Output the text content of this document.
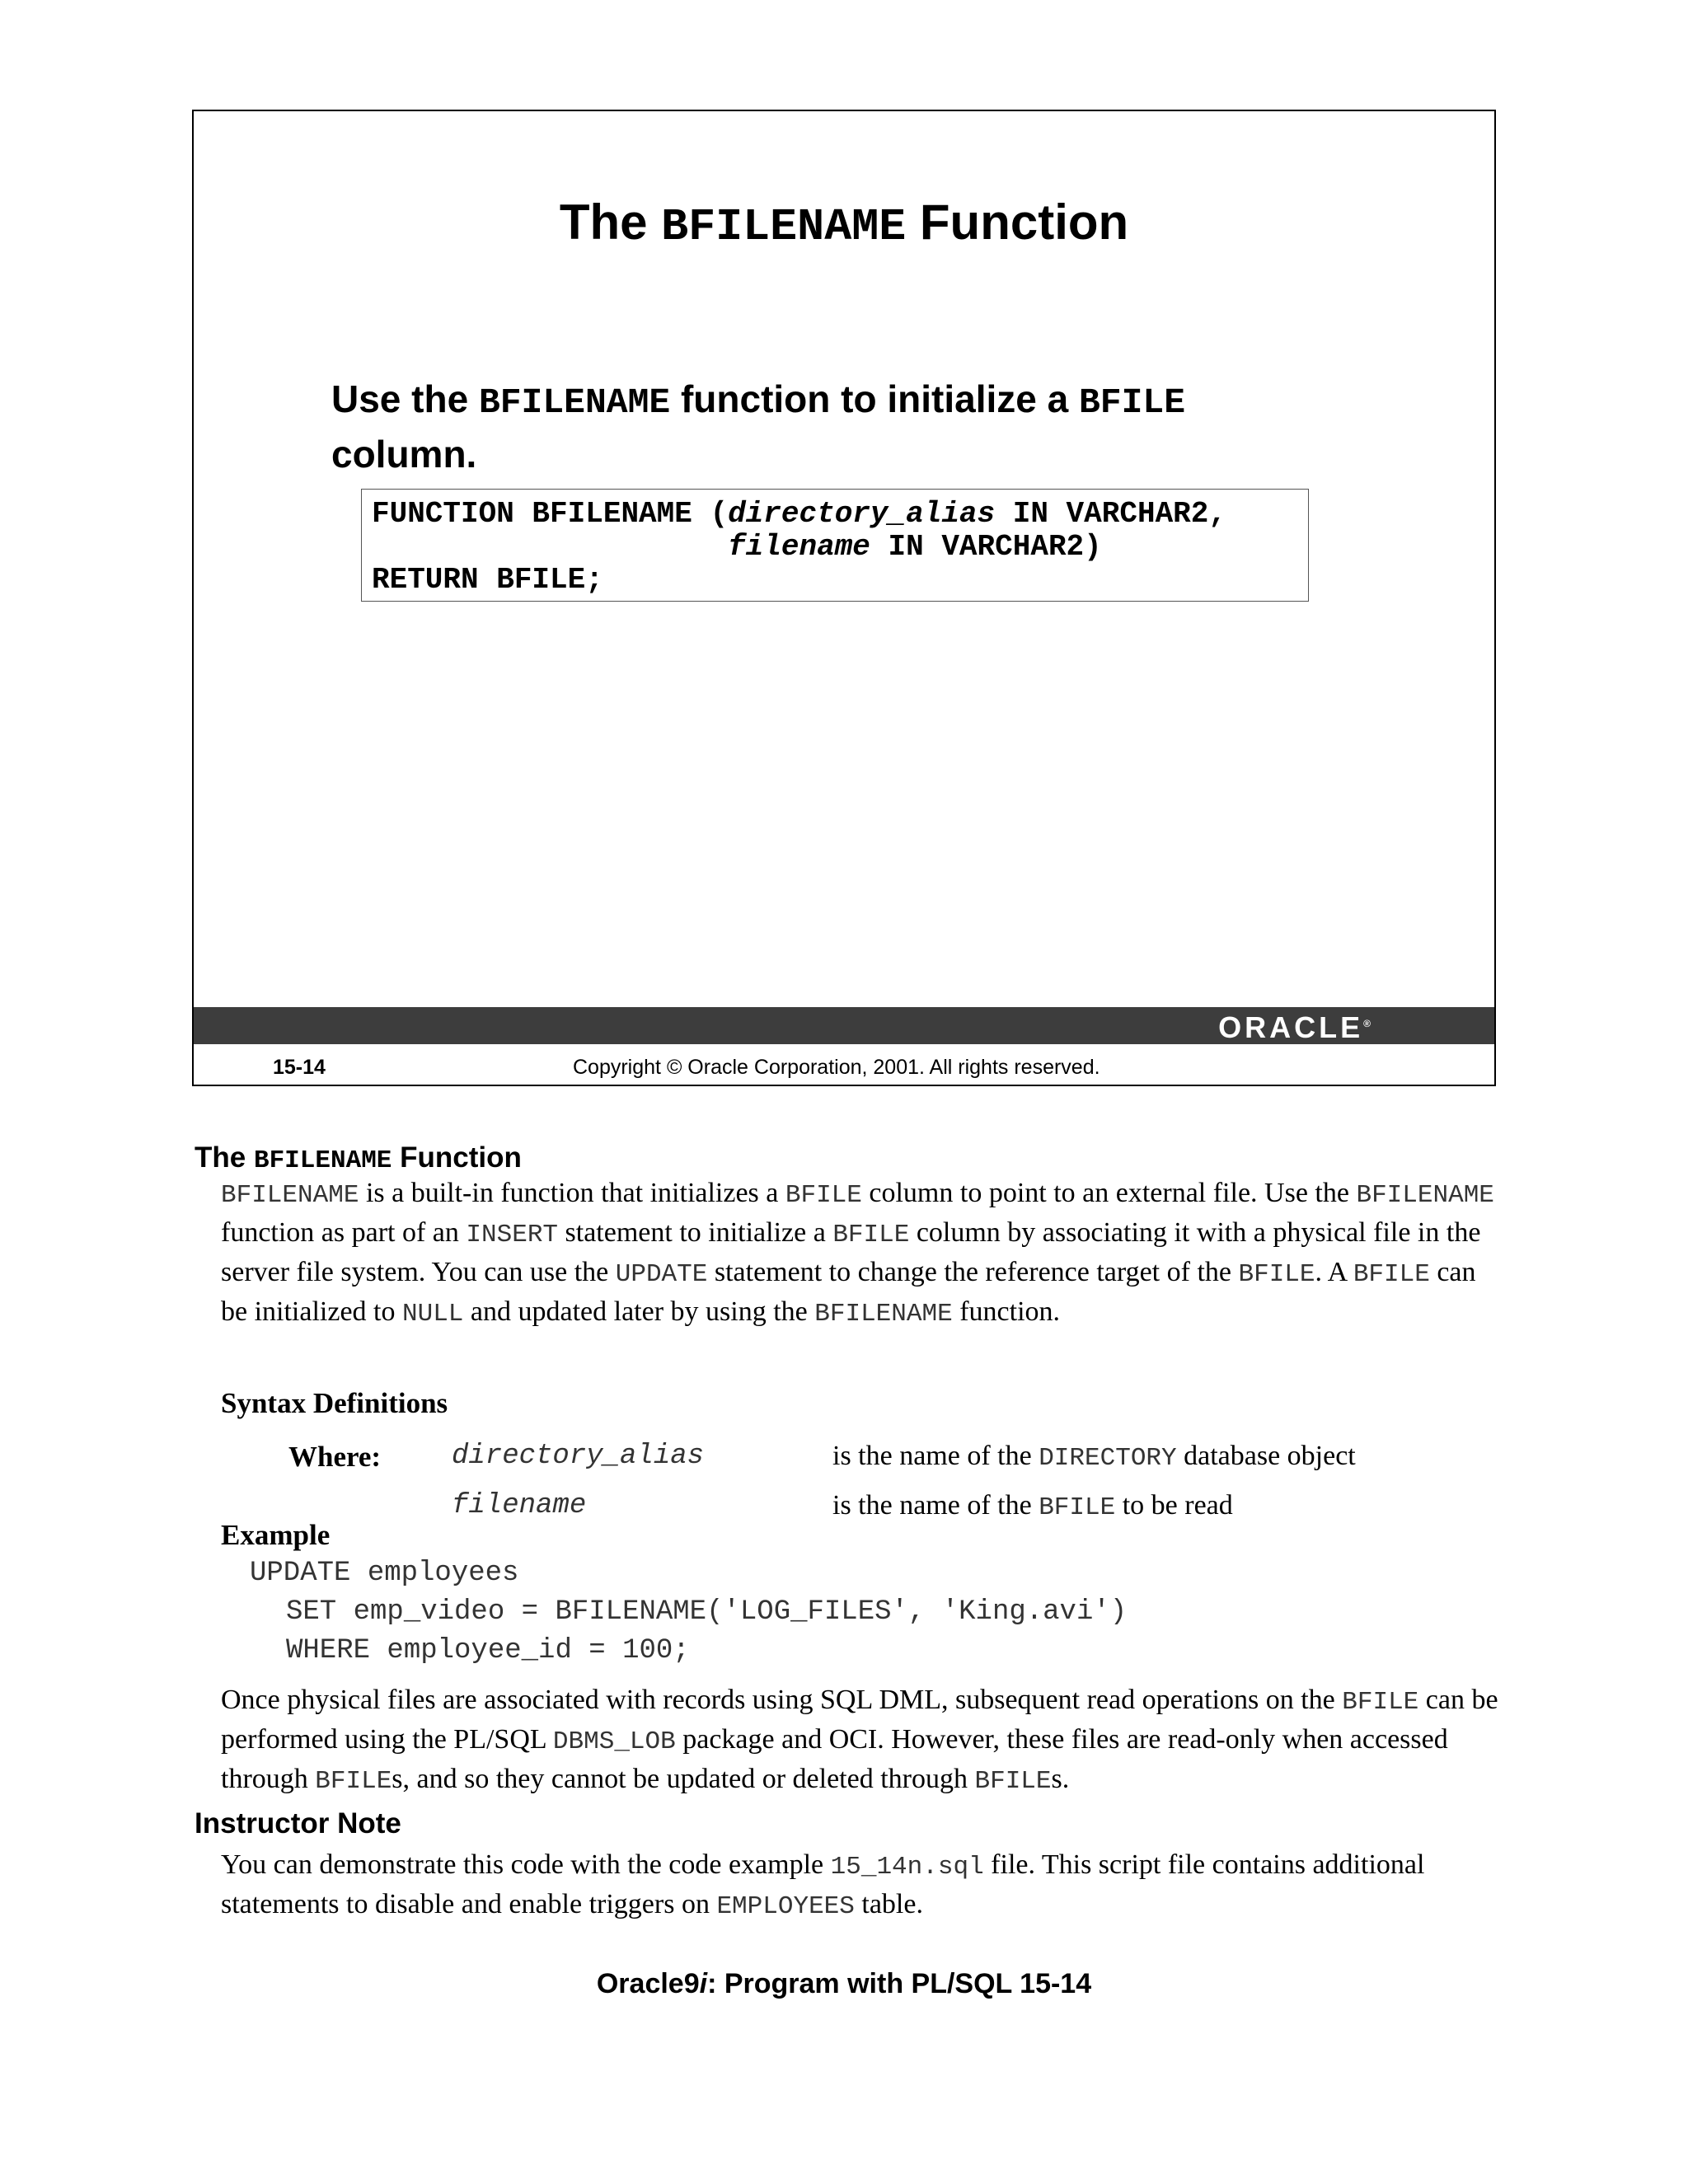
The BFILENAME Function
Use the BFILENAME function to initialize a BFILE
column.
FUNCTION BFILENAME (directory_alias IN VARCHAR2,
filename IN VARCHAR2)
RETURN BFILE;
ORACLE®
15-14	Copyright © Oracle Corporation, 2001. All rights reserved.
The BFILENAME Function
BFILENAME is a built-in function that initializes a BFILE column to point to an external file. Use the BFILENAME function as part of an INSERT statement to initialize a BFILE column by associating it with a physical file in the server file system. You can use the UPDATE statement to change the reference target of the BFILE. A BFILE can be initialized to NULL and updated later by using the BFILENAME function.
Syntax Definitions
Where:	directory_alias	is the name of the DIRECTORY database object
filename	is the name of the BFILE to be read
Example
UPDATE employees
SET emp_video = BFILENAME('LOG_FILES', 'King.avi')
WHERE employee_id = 100;
Once physical files are associated with records using SQL DML, subsequent read operations on the BFILE can be performed using the PL/SQL DBMS_LOB package and OCI. However, these files are read-only when accessed through BFILEs, and so they cannot be updated or deleted through BFILEs.
Instructor Note
You can demonstrate this code with the code example 15_14n.sql file. This script file contains additional statements to disable and enable triggers on EMPLOYEES table.
Oracle9i: Program with PL/SQL 15-14
